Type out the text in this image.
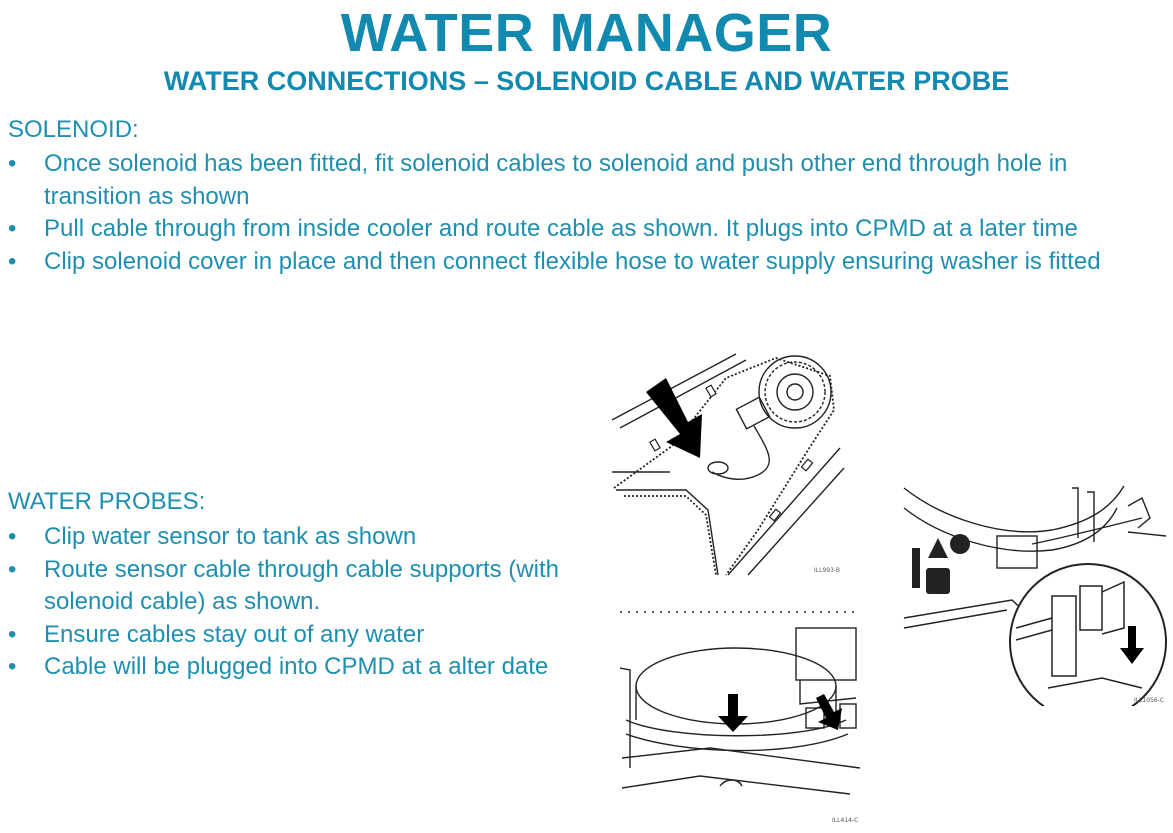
WATER MANAGER
WATER CONNECTIONS – SOLENOID CABLE AND WATER PROBE
SOLENOID:
• Once solenoid has been fitted, fit solenoid cables to solenoid and push other end through hole in transition as shown
• Pull cable through from inside cooler and route cable as shown. It plugs into CPMD at a later time
• Clip solenoid cover in place and then connect flexible hose to water supply ensuring washer is fitted
WATER PROBES:
• Clip water sensor to tank as shown
• Route sensor cable through cable supports (with solenoid cable) as shown.
• Ensure cables stay out of any water
• Cable will be plugged into CPMD at a alter date
ILL993-B
ILL1056-C
ILL414-C
